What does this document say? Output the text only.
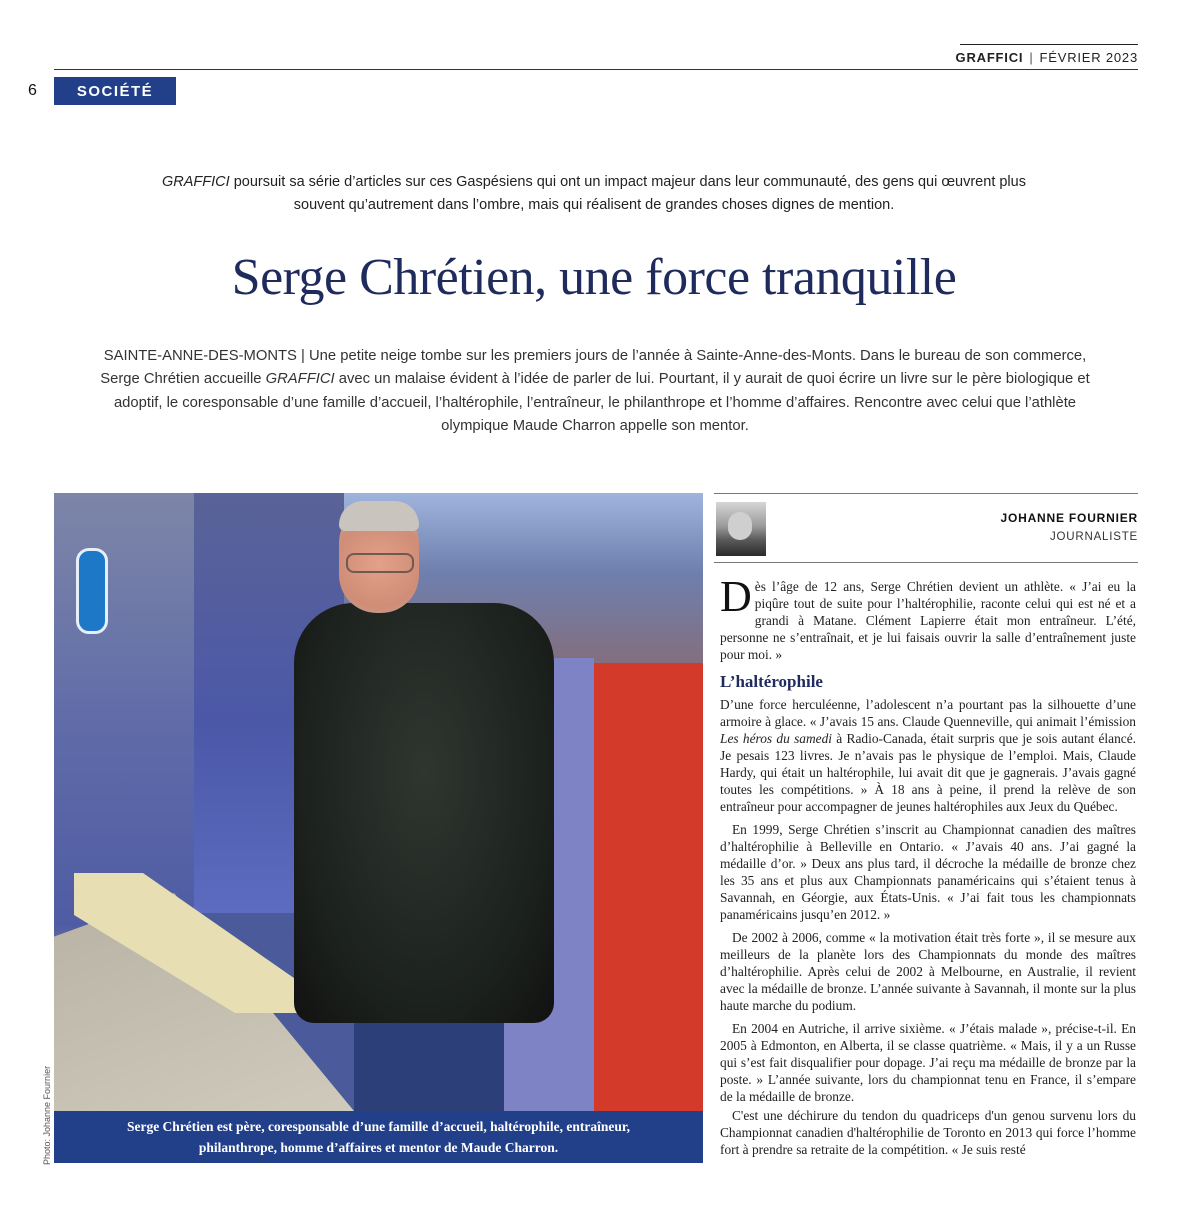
GRAFFICI | FÉVRIER 2023
6	SOCIÉTÉ
GRAFFICI poursuit sa série d’articles sur ces Gaspésiens qui ont un impact majeur dans leur communauté, des gens qui œuvrent plus souvent qu’autrement dans l’ombre, mais qui réalisent de grandes choses dignes de mention.
Serge Chrétien, une force tranquille
SAINTE-ANNE-DES-MONTS | Une petite neige tombe sur les premiers jours de l’année à Sainte-Anne-des-Monts. Dans le bureau de son commerce, Serge Chrétien accueille GRAFFICI avec un malaise évident à l’idée de parler de lui. Pourtant, il y aurait de quoi écrire un livre sur le père biologique et adoptif, le coresponsable d’une famille d’accueil, l’haltérophile, l’entraîneur, le philanthrope et l’homme d’affaires. Rencontre avec celui que l’athlète olympique Maude Charron appelle son mentor.
Serge Chrétien est père, coresponsable d’une famille d’accueil, haltérophile, entraîneur, philanthrope, homme d’affaires et mentor de Maude Charron.
Photo: Johanne Fournier
JOHANNE FOURNIER
JOURNALISTE

Dès l’âge de 12 ans, Serge Chrétien devient un athlète. « J’ai eu la piqûre tout de suite pour l’haltérophilie, raconte celui qui est né et a grandi à Matane. Clément Lapierre était mon entraîneur. L’été, personne ne s’entraînait, et je lui faisais ouvrir la salle d’entraînement juste pour moi. »

L’haltérophile

D’une force herculéenne, l’adolescent n’a pourtant pas la silhouette d’une armoire à glace. « J’avais 15 ans. Claude Quenneville, qui animait l’émission Les héros du samedi à Radio-Canada, était surpris que je sois autant élancé. Je pesais 123 livres. Je n’avais pas le physique de l’emploi. Mais, Claude Hardy, qui était un haltérophile, lui avait dit que je gagnerais. J’avais gagné toutes les compétitions. » À 18 ans à peine, il prend la relève de son entraîneur pour accompagner de jeunes haltérophiles aux Jeux du Québec.

En 1999, Serge Chrétien s’inscrit au Championnat canadien des maîtres d’haltérophilie à Belleville en Ontario. « J’avais 40 ans. J’ai gagné la médaille d’or. » Deux ans plus tard, il décroche la médaille de bronze chez les 35 ans et plus aux Championnats panaméricains qui s’étaient tenus à Savannah, en Géorgie, aux États-Unis. « J’ai fait tous les championnats panaméricains jusqu’en 2012. »

De 2002 à 2006, comme « la motivation était très forte », il se mesure aux meilleurs de la planète lors des Championnats du monde des maîtres d’haltérophilie. Après celui de 2002 à Melbourne, en Australie, il revient avec la médaille de bronze. L’année suivante à Savannah, il monte sur la plus haute marche du podium.

En 2004 en Autriche, il arrive sixième. « J’étais malade », précise-t-il. En 2005 à Edmonton, en Alberta, il se classe quatrième. « Mais, il y a un Russe qui s’est fait disqualifier pour dopage. J’ai reçu ma médaille de bronze par la poste. » L’année suivante, lors du championnat tenu en France, il s’empare de la médaille de bronze.

C'est une déchirure du tendon du quadriceps d'un genou survenu lors du Championnat canadien d'haltérophilie de Toronto en 2013 qui force l’homme fort à prendre sa retraite de la compétition. « Je suis resté
